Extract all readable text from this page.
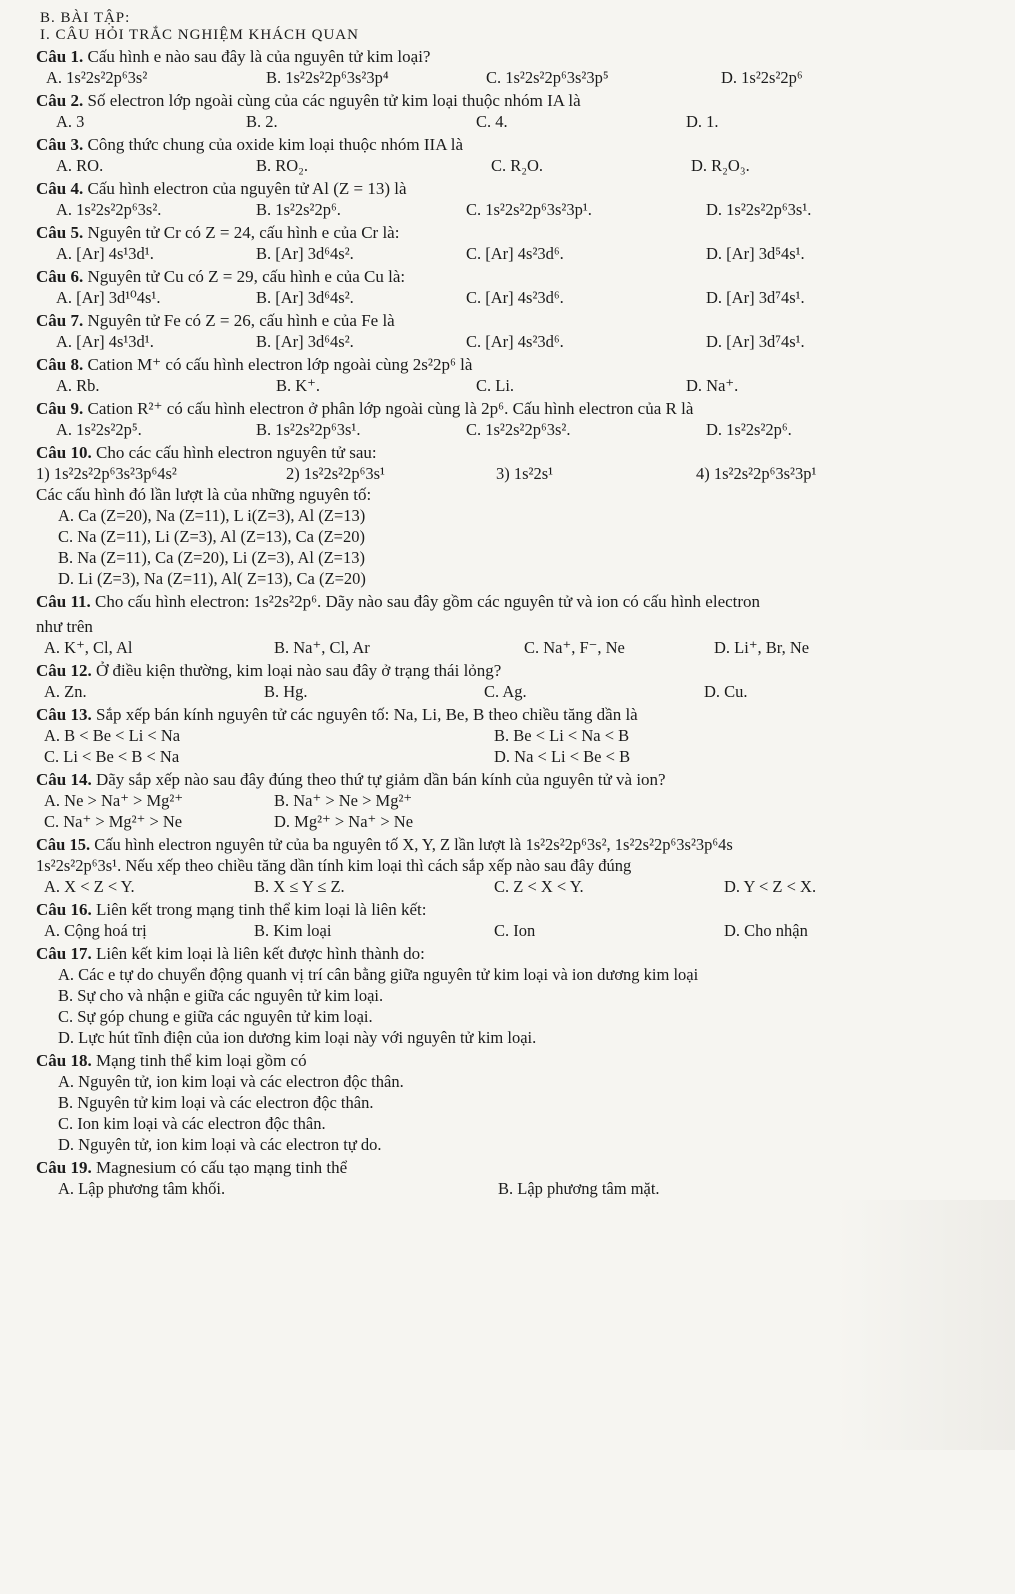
B. BÀI TẬP:
I. CÂU HỎI TRẮC NGHIỆM KHÁCH QUAN
Câu 1. Cấu hình e nào sau đây là của nguyên tử kim loại?
A. 1s²2s²2p⁶3s²	B. 1s²2s²2p⁶3s²3p⁴	C. 1s²2s²2p⁶3s²3p⁵	D. 1s²2s²2p⁶
Câu 2. Số electron lớp ngoài cùng của các nguyên tử kim loại thuộc nhóm IA là
A. 3	B. 2.	C. 4.	D. 1.
Câu 3. Công thức chung của oxide kim loại thuộc nhóm IIA là
A. RO.	B. RO₂.	C. R₂O.	D. R₂O₃.
Câu 4. Cấu hình electron của nguyên tử Al (Z = 13) là
A. 1s²2s²2p⁶3s².	B. 1s²2s²2p⁶.	C. 1s²2s²2p⁶3s²3p¹.	D. 1s²2s²2p⁶3s¹.
Câu 5. Nguyên tử Cr có Z = 24, cấu hình e của Cr là:
A. [Ar] 4s¹3d¹.	B. [Ar] 3d⁶4s².	C. [Ar] 4s²3d⁶.	D. [Ar] 3d⁵4s¹.
Câu 6. Nguyên tử Cu có Z = 29, cấu hình e của Cu là:
A. [Ar] 3d¹⁰4s¹.	B. [Ar] 3d⁶4s².	C. [Ar] 4s²3d⁶.	D. [Ar] 3d⁷4s¹.
Câu 7. Nguyên tử Fe có Z = 26, cấu hình e của Fe là
A. [Ar] 4s¹3d¹.	B. [Ar] 3d⁶4s².	C. [Ar] 4s²3d⁶.	D. [Ar] 3d⁷4s¹.
Câu 8. Cation M⁺ có cấu hình electron lớp ngoài cùng 2s²2p⁶ là
A. Rb.	B. K⁺.	C. Li.	D. Na⁺.
Câu 9. Cation R²⁺ có cấu hình electron ở phân lớp ngoài cùng là 2p⁶. Cấu hình electron của R là
A. 1s²2s²2p⁵.	B. 1s²2s²2p⁶3s¹.	C. 1s²2s²2p⁶3s².	D. 1s²2s²2p⁶.
Câu 10. Cho các cấu hình electron nguyên tử sau:
1) 1s²2s²2p⁶3s²3p⁶4s²	2) 1s²2s²2p⁶3s¹	3) 1s²2s¹	4) 1s²2s²2p⁶3s²3p¹
Các cấu hình đó lần lượt là của những nguyên tố:
A. Ca (Z=20), Na (Z=11), L i(Z=3), Al (Z=13)
C. Na (Z=11), Li (Z=3), Al (Z=13), Ca (Z=20)
B. Na (Z=11), Ca (Z=20), Li (Z=3), Al (Z=13)
D. Li (Z=3), Na (Z=11), Al( Z=13), Ca (Z=20)
Câu 11. Cho cấu hình electron: 1s²2s²2p⁶. Dãy nào sau đây gồm các nguyên tử và ion có cấu hình electron
như trên
A. K⁺, Cl, Al	B. Na⁺, Cl, Ar	C. Na⁺, F⁻, Ne	D. Li⁺, Br, Ne
Câu 12. Ở điều kiện thường, kim loại nào sau đây ở trạng thái lỏng?
A. Zn.	B. Hg.	C. Ag.	D. Cu.
Câu 13. Sắp xếp bán kính nguyên tử các nguyên tố: Na, Li, Be, B theo chiều tăng dần là
A. B < Be < Li < Na	B. Be < Li < Na < B
C. Li < Be < B < Na	D. Na < Li < Be < B
Câu 14. Dãy sắp xếp nào sau đây đúng theo thứ tự giảm dần bán kính của nguyên tử và ion?
A. Ne > Na⁺ > Mg²⁺	B. Na⁺ > Ne > Mg²⁺
C. Na⁺ > Mg²⁺ > Ne	D. Mg²⁺ > Na⁺ > Ne
Câu 15. Cấu hình electron nguyên tử của ba nguyên tố X, Y, Z lần lượt là 1s²2s²2p⁶3s², 1s²2s²2p⁶3s²3p⁶4s
1s²2s²2p⁶3s¹. Nếu xếp theo chiều tăng dần tính kim loại thì cách sắp xếp nào sau đây đúng
A. X < Z < Y.	B. X ≤ Y ≤ Z.	C. Z < X < Y.	D. Y < Z < X.
Câu 16. Liên kết trong mạng tinh thể kim loại là liên kết:
A. Cộng hoá trị	B. Kim loại	C. Ion	D. Cho nhận
Câu 17. Liên kết kim loại là liên kết được hình thành do:
A. Các e tự do chuyển động quanh vị trí cân bằng giữa nguyên tử kim loại và ion dương kim loại
B. Sự cho và nhận e giữa các nguyên tử kim loại.
C. Sự góp chung e giữa các nguyên tử kim loại.
D. Lực hút tĩnh điện của ion dương kim loại này với nguyên tử kim loại.
Câu 18. Mạng tinh thể kim loại gồm có
A. Nguyên tử, ion kim loại và các electron độc thân.
B. Nguyên tử kim loại và các electron độc thân.
C. Ion kim loại và các electron độc thân.
D. Nguyên tử, ion kim loại và các electron tự do.
Câu 19. Magnesium có cấu tạo mạng tinh thể
A. Lập phương tâm khối.	B. Lập phương tâm mặt.
